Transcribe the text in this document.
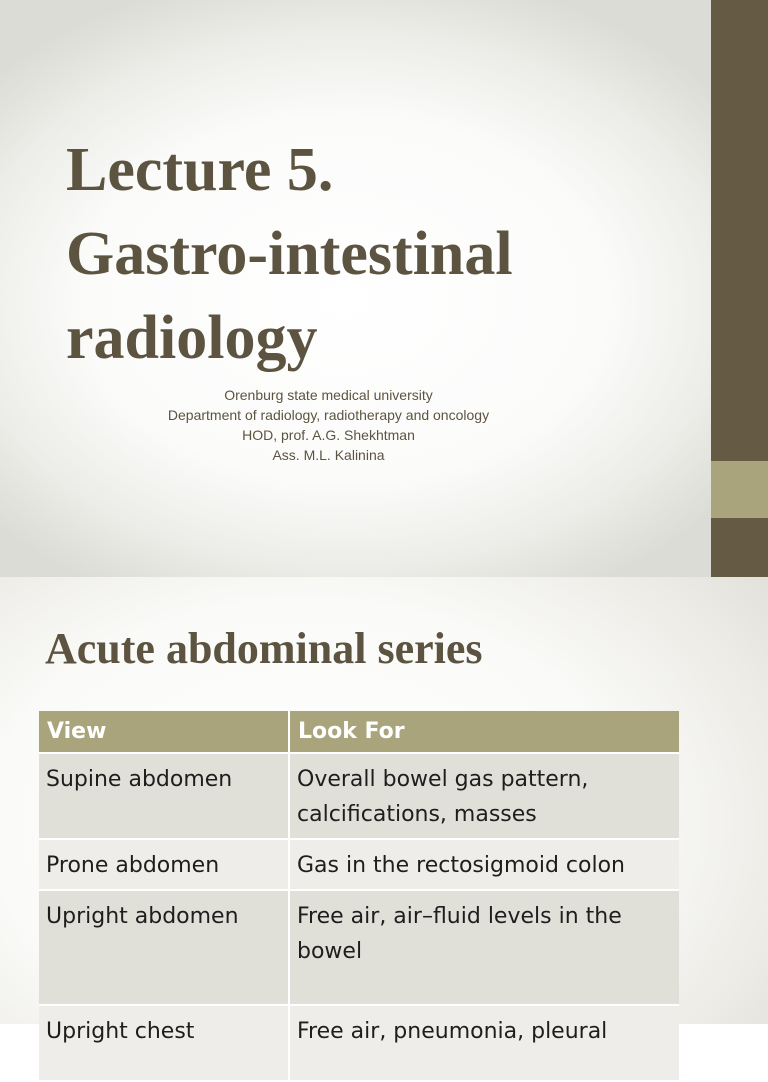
Lecture 5.
Gastro-intestinal
radiology
Orenburg state medical university
Department of radiology, radiotherapy and oncology
HOD, prof. A.G. Shekhtman
Ass. M.L. Kalinina
Acute abdominal series
View	Look For
Supine abdomen	Overall bowel gas pattern, calcifications, masses
Prone abdomen	Gas in the rectosigmoid colon
Upright abdomen	Free air, air–fluid levels in the bowel
Upright chest	Free air, pneumonia, pleural
